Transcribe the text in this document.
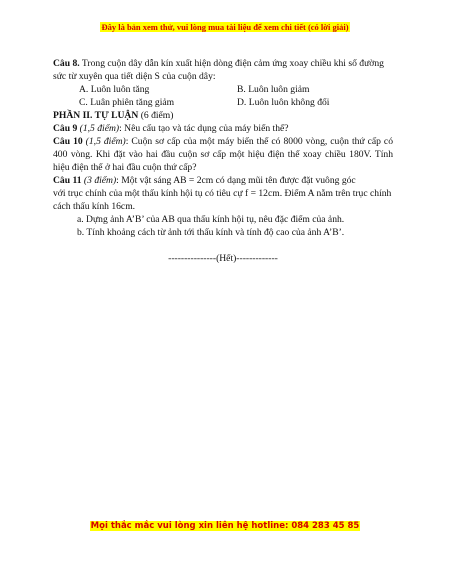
Đây là bản xem thử, vui lòng mua tài liệu để xem chi tiết (có lời giải)

Câu 8. Trong cuộn dây dẫn kín xuất hiện dòng điện cảm ứng xoay chiều khi số đường sức từ xuyên qua tiết diện S của cuộn dây:

A. Luôn luôn tăng	B. Luôn luôn giảm
C. Luân phiên tăng giảm	D. Luôn luôn không đổi

PHẦN II. TỰ LUẬN (6 điểm)

Câu 9 (1,5 điểm): Nêu cấu tạo và tác dụng của máy biến thế?

Câu 10 (1,5 điểm): Cuộn sơ cấp của một máy biến thế có 8000 vòng, cuộn thứ cấp có 400 vòng. Khi đặt vào hai đầu cuộn sơ cấp một hiệu điện thế xoay chiều 180V. Tính hiệu điện thế ở hai đầu cuộn thứ cấp?

Câu 11 (3 điểm): Một vật sáng AB = 2cm có dạng mũi tên được đặt vuông góc

với trục chính của một thấu kính hội tụ có tiêu cự f = 12cm. Điểm A nằm trên trục chính cách thấu kính 16cm.

a. Dựng ảnh A’B’ của AB qua thấu kính hội tụ, nêu đặc điểm của ảnh.

b. Tính khoảng cách từ ảnh tới thấu kính và tính độ cao của ảnh A’B’.

---------------(Hết)-------------

Mọi thắc mắc vui lòng xin liên hệ hotline: 084 283 45 85
